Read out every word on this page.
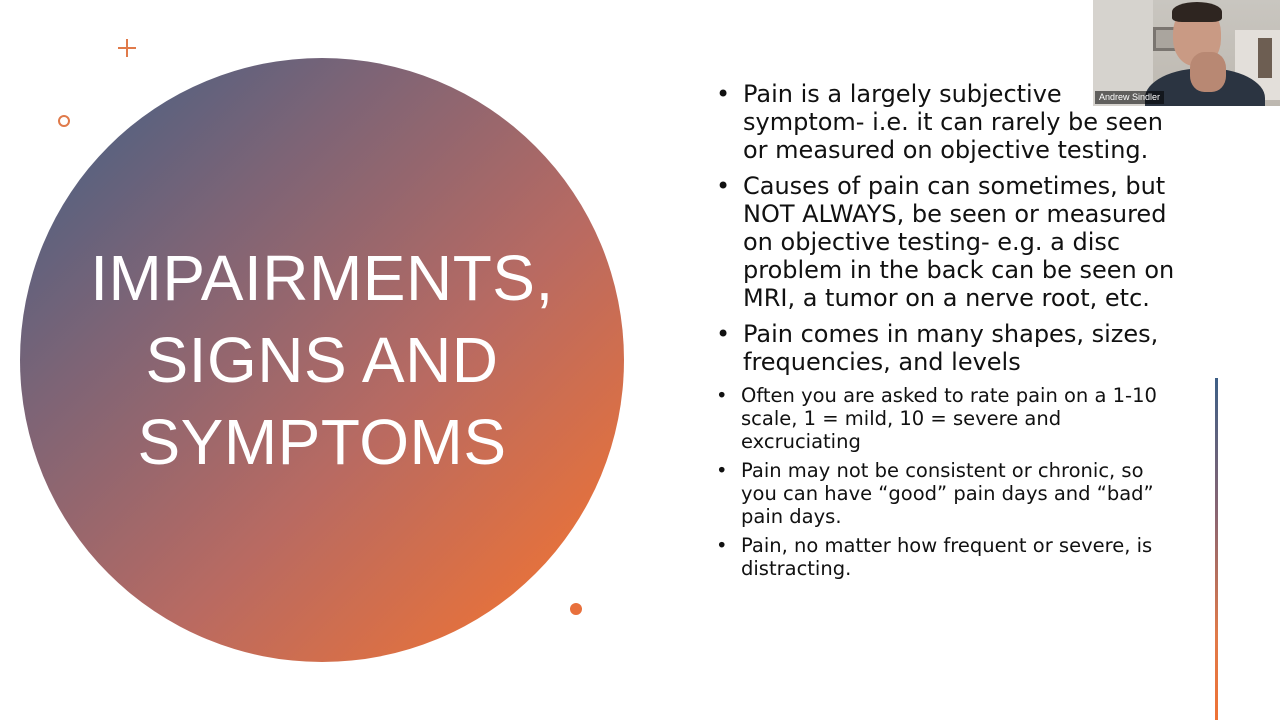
IMPAIRMENTS,
SIGNS AND
SYMPTOMS
• Pain is a largely subjective symptom- i.e. it can rarely be seen or measured on objective testing.
• Causes of pain can sometimes, but NOT ALWAYS, be seen or measured on objective testing- e.g. a disc problem in the back can be seen on MRI, a tumor on a nerve root, etc.
• Pain comes in many shapes, sizes, frequencies, and levels
• Often you are asked to rate pain on a 1-10 scale, 1 = mild, 10 = severe and excruciating
• Pain may not be consistent or chronic, so you can have “good” pain days and “bad” pain days.
• Pain, no matter how frequent or severe, is distracting.
Andrew Sindler
